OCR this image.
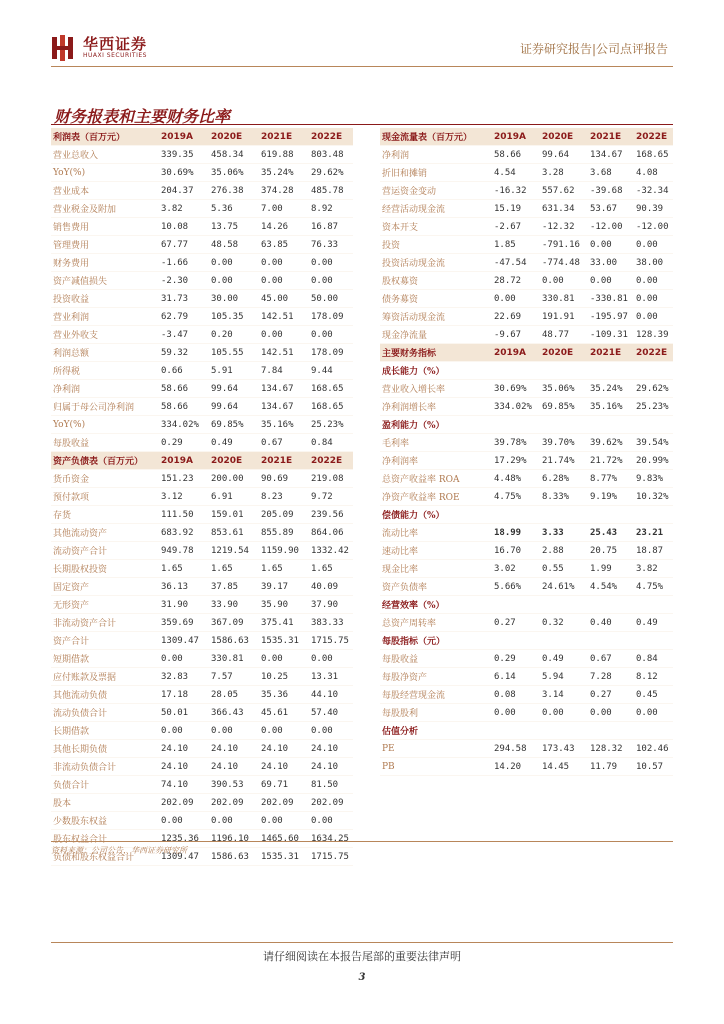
华西证券
HUAXI SECURITIES	证券研究报告|公司点评报告
财务报表和主要财务比率
利润表（百万元）	2019A	2020E	2021E	2022E
营业总收入	339.35	458.34	619.88	803.48
YoY(%)	30.69%	35.06%	35.24%	29.62%
营业成本	204.37	276.38	374.28	485.78
营业税金及附加	3.82	5.36	7.00	8.92
销售费用	10.08	13.75	14.26	16.87
管理费用	67.77	48.58	63.85	76.33
财务费用	-1.66	0.00	0.00	0.00
资产减值损失	-2.30	0.00	0.00	0.00
投资收益	31.73	30.00	45.00	50.00
营业利润	62.79	105.35	142.51	178.09
营业外收支	-3.47	0.20	0.00	0.00
利润总额	59.32	105.55	142.51	178.09
所得税	0.66	5.91	7.84	9.44
净利润	58.66	99.64	134.67	168.65
归属于母公司净利润	58.66	99.64	134.67	168.65
YoY(%)	334.02%	69.85%	35.16%	25.23%
每股收益	0.29	0.49	0.67	0.84
资产负债表（百万元）	2019A	2020E	2021E	2022E
货币资金	151.23	200.00	90.69	219.08
预付款项	3.12	6.91	8.23	9.72
存货	111.50	159.01	205.09	239.56
其他流动资产	683.92	853.61	855.89	864.06
流动资产合计	949.78	1219.54	1159.90	1332.42
长期股权投资	1.65	1.65	1.65	1.65
固定资产	36.13	37.85	39.17	40.09
无形资产	31.90	33.90	35.90	37.90
非流动资产合计	359.69	367.09	375.41	383.33
资产合计	1309.47	1586.63	1535.31	1715.75
短期借款	0.00	330.81	0.00	0.00
应付账款及票据	32.83	7.57	10.25	13.31
其他流动负债	17.18	28.05	35.36	44.10
流动负债合计	50.01	366.43	45.61	57.40
长期借款	0.00	0.00	0.00	0.00
其他长期负债	24.10	24.10	24.10	24.10
非流动负债合计	24.10	24.10	24.10	24.10
负债合计	74.10	390.53	69.71	81.50
股本	202.09	202.09	202.09	202.09
少数股东权益	0.00	0.00	0.00	0.00
股东权益合计	1235.36	1196.10	1465.60	1634.25
负债和股东权益合计	1309.47	1586.63	1535.31	1715.75
现金流量表（百万元）	2019A	2020E	2021E	2022E
净利润	58.66	99.64	134.67	168.65
折旧和摊销	4.54	3.28	3.68	4.08
营运资金变动	-16.32	557.62	-39.68	-32.34
经营活动现金流	15.19	631.34	53.67	90.39
资本开支	-2.67	-12.32	-12.00	-12.00
投资	1.85	-791.16	0.00	0.00
投资活动现金流	-47.54	-774.48	33.00	38.00
股权募资	28.72	0.00	0.00	0.00
债务募资	0.00	330.81	-330.81	0.00
筹资活动现金流	22.69	191.91	-195.97	0.00
现金净流量	-9.67	48.77	-109.31	128.39
主要财务指标	2019A	2020E	2021E	2022E
成长能力（%）				
营业收入增长率	30.69%	35.06%	35.24%	29.62%
净利润增长率	334.02%	69.85%	35.16%	25.23%
盈利能力（%）				
毛利率	39.78%	39.70%	39.62%	39.54%
净利润率	17.29%	21.74%	21.72%	20.99%
总资产收益率 ROA	4.48%	6.28%	8.77%	9.83%
净资产收益率 ROE	4.75%	8.33%	9.19%	10.32%
偿债能力（%）				
流动比率	18.99	3.33	25.43	23.21
速动比率	16.70	2.88	20.75	18.87
现金比率	3.02	0.55	1.99	3.82
资产负债率	5.66%	24.61%	4.54%	4.75%
经营效率（%）				
总资产周转率	0.27	0.32	0.40	0.49
每股指标（元）				
每股收益	0.29	0.49	0.67	0.84
每股净资产	6.14	5.94	7.28	8.12
每股经营现金流	0.08	3.14	0.27	0.45
每股股利	0.00	0.00	0.00	0.00
估值分析				
PE	294.58	173.43	128.32	102.46
PB	14.20	14.45	11.79	10.57
资料来源：公司公告，华西证券研究所
请仔细阅读在本报告尾部的重要法律声明
3
